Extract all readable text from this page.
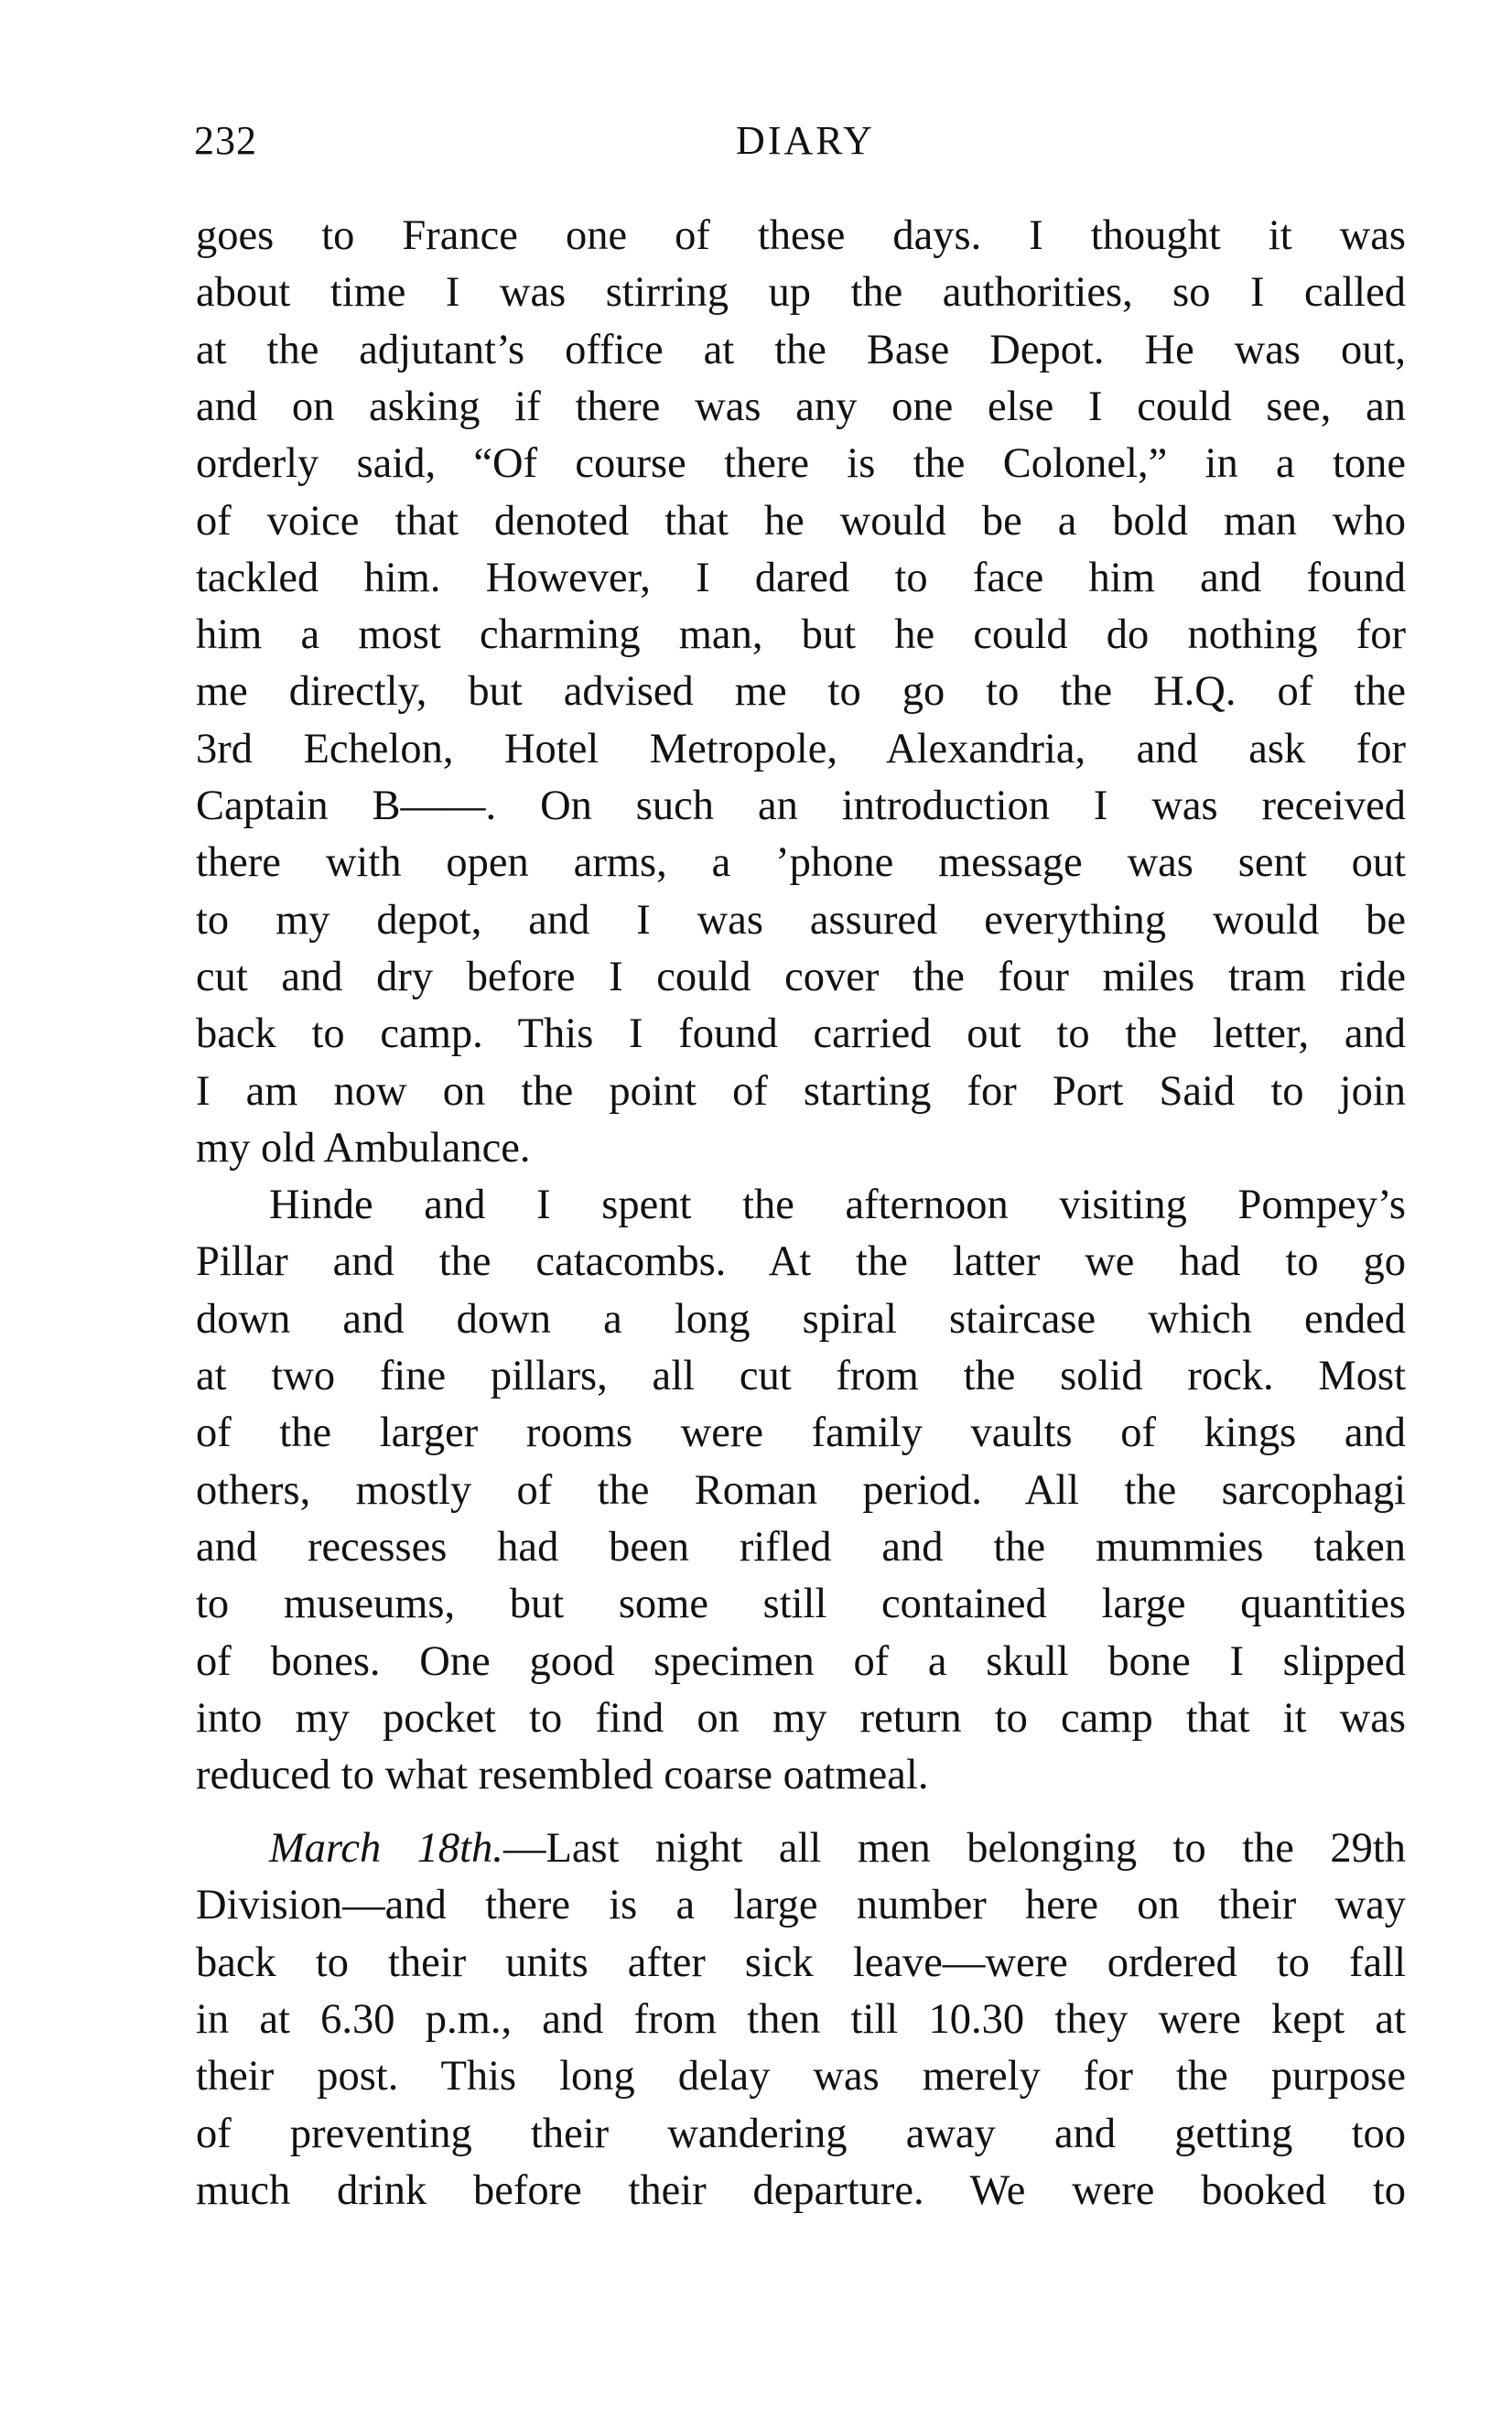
232	DIARY
goes to France one of these days. I thought it was
about time I was stirring up the authorities, so I called
at the adjutant’s office at the Base Depot. He was out,
and on asking if there was any one else I could see, an
orderly said, “Of course there is the Colonel,” in a tone
of voice that denoted that he would be a bold man who
tackled him. However, I dared to face him and found
him a most charming man, but he could do nothing for
me directly, but advised me to go to the H.Q. of the
3rd Echelon, Hotel Metropole, Alexandria, and ask for
Captain B——. On such an introduction I was received
there with open arms, a ’phone message was sent out
to my depot, and I was assured everything would be
cut and dry before I could cover the four miles tram ride
back to camp. This I found carried out to the letter, and
I am now on the point of starting for Port Said to join
my old Ambulance.
Hinde and I spent the afternoon visiting Pompey’s
Pillar and the catacombs. At the latter we had to go
down and down a long spiral staircase which ended
at two fine pillars, all cut from the solid rock. Most
of the larger rooms were family vaults of kings and
others, mostly of the Roman period. All the sarcophagi
and recesses had been rifled and the mummies taken
to museums, but some still contained large quantities
of bones. One good specimen of a skull bone I slipped
into my pocket to find on my return to camp that it was
reduced to what resembled coarse oatmeal.
March 18th.—Last night all men belonging to the 29th
Division—and there is a large number here on their way
back to their units after sick leave—were ordered to fall
in at 6.30 p.m., and from then till 10.30 they were kept at
their post. This long delay was merely for the purpose
of preventing their wandering away and getting too
much drink before their departure. We were booked to
